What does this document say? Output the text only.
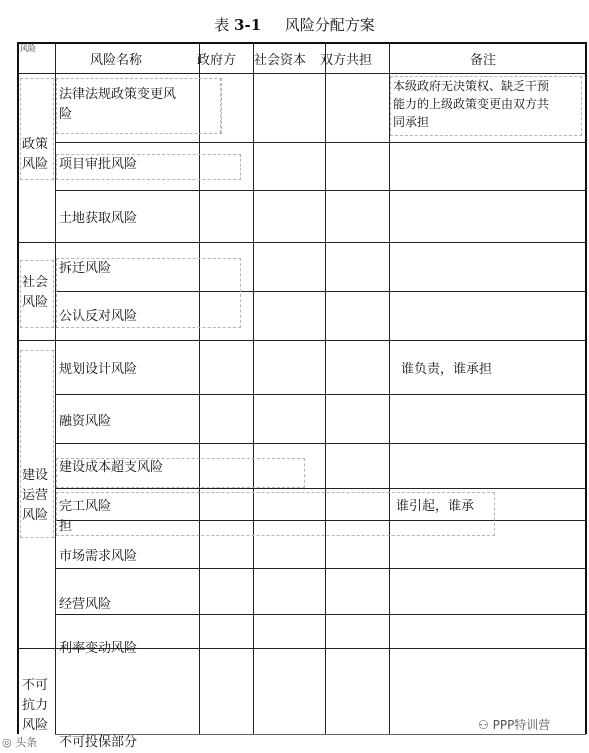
表 3-1 风险分配方案
风险
风险名称	政府方 社会资本 双方共担	备注
政策
风险
社会
风险
建设
运营
风险
不可
抗力
风险
法律法规政策变更风
险
项目审批风险
土地获取风险
拆迁风险
公认反对风险
规划设计风险
融资风险
建设成本超支风险
完工风险
市场需求风险
经营风险
利率变动风险
不可投保部分
本级政府无决策权、缺乏干预
能力的上级政策变更由双方共
同承担
谁负责，谁承担
谁引起，谁承
担
◎ 头条
⚇ PPP特训营
